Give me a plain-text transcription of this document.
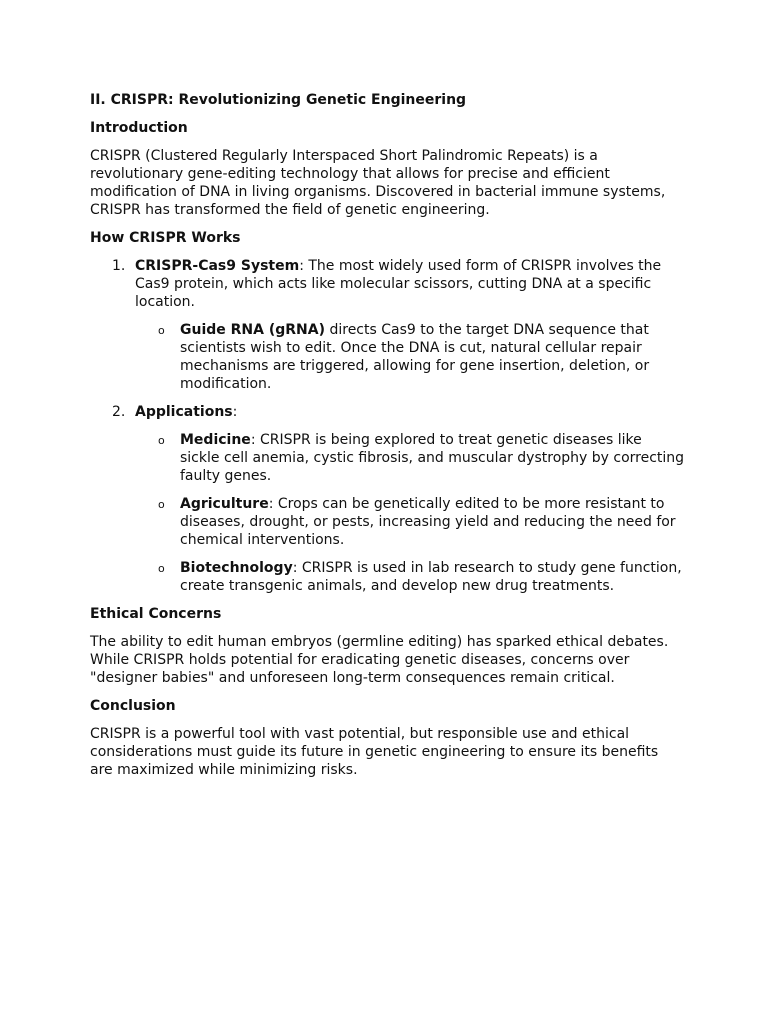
II. CRISPR: Revolutionizing Genetic Engineering

Introduction

CRISPR (Clustered Regularly Interspaced Short Palindromic Repeats) is a revolutionary gene-editing technology that allows for precise and efficient modification of DNA in living organisms. Discovered in bacterial immune systems, CRISPR has transformed the field of genetic engineering.

How CRISPR Works

1. CRISPR-Cas9 System: The most widely used form of CRISPR involves the Cas9 protein, which acts like molecular scissors, cutting DNA at a specific location.
o Guide RNA (gRNA) directs Cas9 to the target DNA sequence that scientists wish to edit. Once the DNA is cut, natural cellular repair mechanisms are triggered, allowing for gene insertion, deletion, or modification.
2. Applications:
o Medicine: CRISPR is being explored to treat genetic diseases like sickle cell anemia, cystic fibrosis, and muscular dystrophy by correcting faulty genes.
o Agriculture: Crops can be genetically edited to be more resistant to diseases, drought, or pests, increasing yield and reducing the need for chemical interventions.
o Biotechnology: CRISPR is used in lab research to study gene function, create transgenic animals, and develop new drug treatments.

Ethical Concerns

The ability to edit human embryos (germline editing) has sparked ethical debates. While CRISPR holds potential for eradicating genetic diseases, concerns over "designer babies" and unforeseen long-term consequences remain critical.

Conclusion

CRISPR is a powerful tool with vast potential, but responsible use and ethical considerations must guide its future in genetic engineering to ensure its benefits are maximized while minimizing risks.
